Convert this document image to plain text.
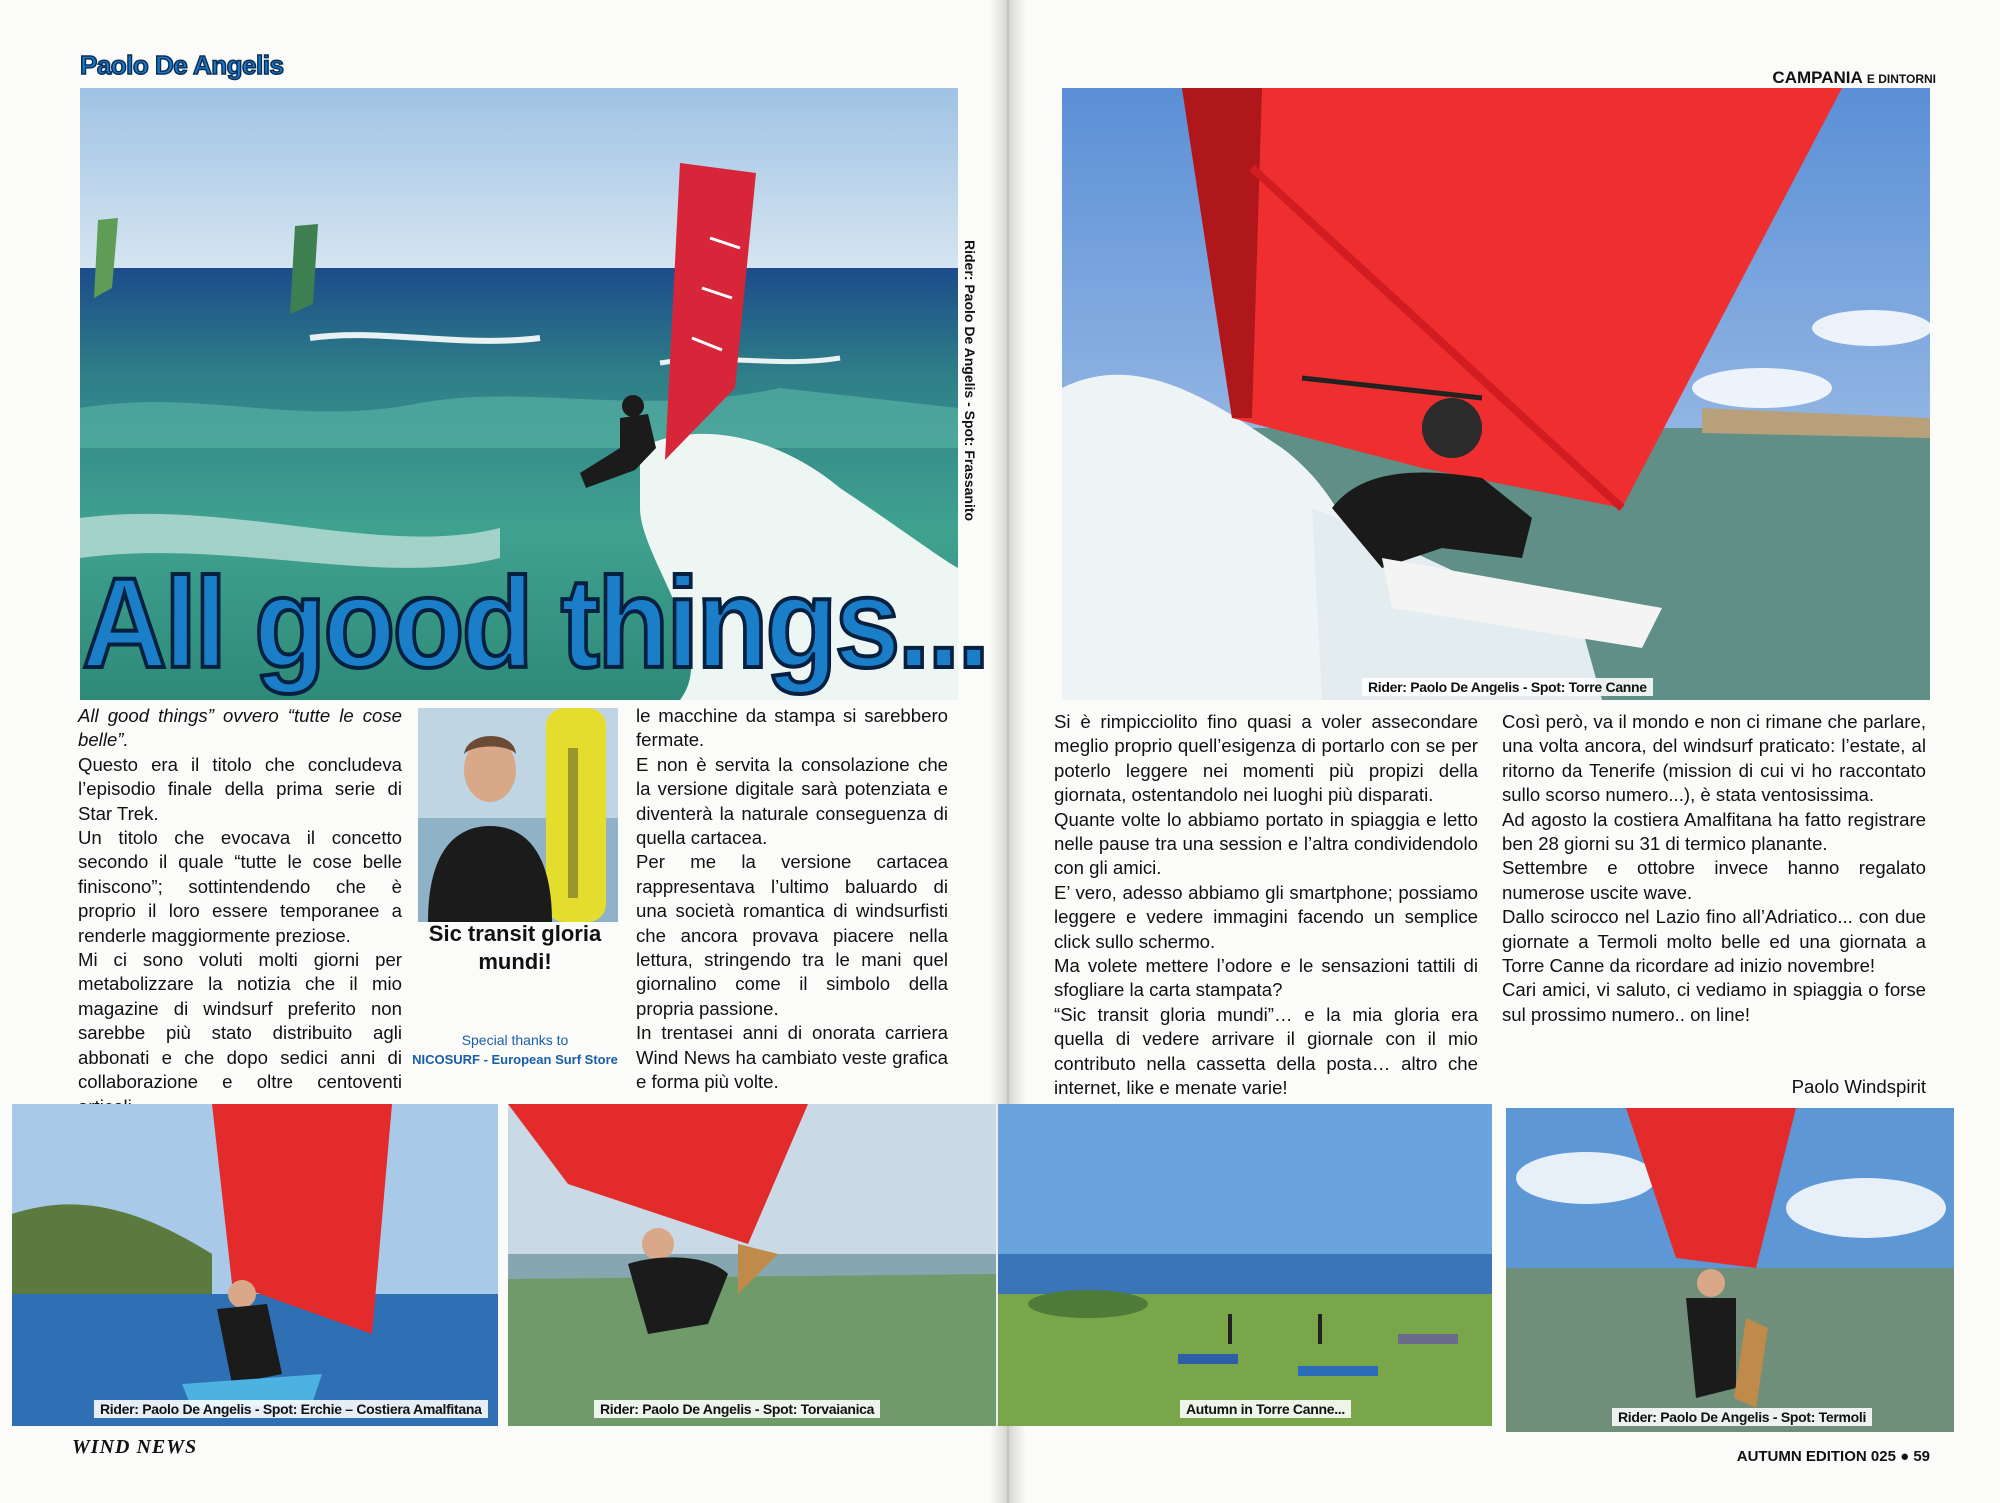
Paolo De Angelis
All good things...
Rider: Paolo De Angelis - Spot: Frassanito

All good things” ovvero “tutte le cose belle”.

Questo era il titolo che concludeva l’episodio finale della prima serie di Star Trek.

Un titolo che evocava il concetto secondo il quale “tutte le cose belle finiscono”; sottintendendo che è proprio il loro essere temporanee a renderle maggiormente preziose.

Mi ci sono voluti molti giorni per metabolizzare la notizia che il mio magazine di windsurf preferito non sarebbe più stato distribuito agli abbonati e che dopo sedici anni di collaborazione e oltre centoventi

Sic transit gloria mundi!
Special thanks to
NICOSURF - European Surf Store

le macchine da stampa si sarebbero fermate.

E non è servita la consolazione che la versione digitale sarà potenziata e diventerà la naturale conseguenza di quella cartacea.

Per me la versione cartacea rappresentava l’ultimo baluardo di una società romantica di windsurfisti che ancora provava piacere nella lettura, stringendo tra le mani quel giornalino come il simbolo della propria passione.

In trentasei anni di onorata carriera Wind News ha cambiato veste grafica e forma più volte.

CAMPANIA E DINTORNI
Rider: Paolo De Angelis - Spot: Torre Canne

Si è rimpicciolito fino quasi a voler assecondare meglio proprio quell’esigenza di portarlo con se per poterlo leggere nei momenti più propizi della giornata, ostentandolo nei luoghi più disparati.

Quante volte lo abbiamo portato in spiaggia e letto nelle pause tra una session e l’altra condividendolo con gli amici.

E’ vero, adesso abbiamo gli smartphone; possiamo leggere e vedere immagini facendo un semplice click sullo schermo.

Ma volete mettere l’odore e le sensazioni tattili di sfogliare la carta stampata?

“Sic transit gloria mundi”… e la mia gloria era quella di vedere arrivare il giornale con il mio contributo nella cassetta della posta… altro che internet, like e menate varie!

Così però, va il mondo e non ci rimane che parlare, una volta ancora, del windsurf praticato: l’estate, al ritorno da Tenerife (mission di cui vi ho raccontato sullo scorso numero...), è stata ventosissima.

Ad agosto la costiera Amalfitana ha fatto registrare ben 28 giorni su 31 di termico planante.

Settembre e ottobre invece hanno regalato numerose uscite wave.

Dallo scirocco nel Lazio fino all’Adriatico... con due giornate a Termoli molto belle ed una giornata a Torre Canne da ricordare ad inizio novembre!

Cari amici, vi saluto, ci vediamo in spiaggia o forse sul prossimo numero.. on line!

Paolo Windspirit
Rider: Paolo De Angelis - Spot: Erchie – Costiera Amalfitana	Rider: Paolo De Angelis - Spot: Torvaianica	Autumn in Torre Canne...	Rider: Paolo De Angelis - Spot: Termoli
WIND NEWS	AUTUMN EDITION 025 ● 59
